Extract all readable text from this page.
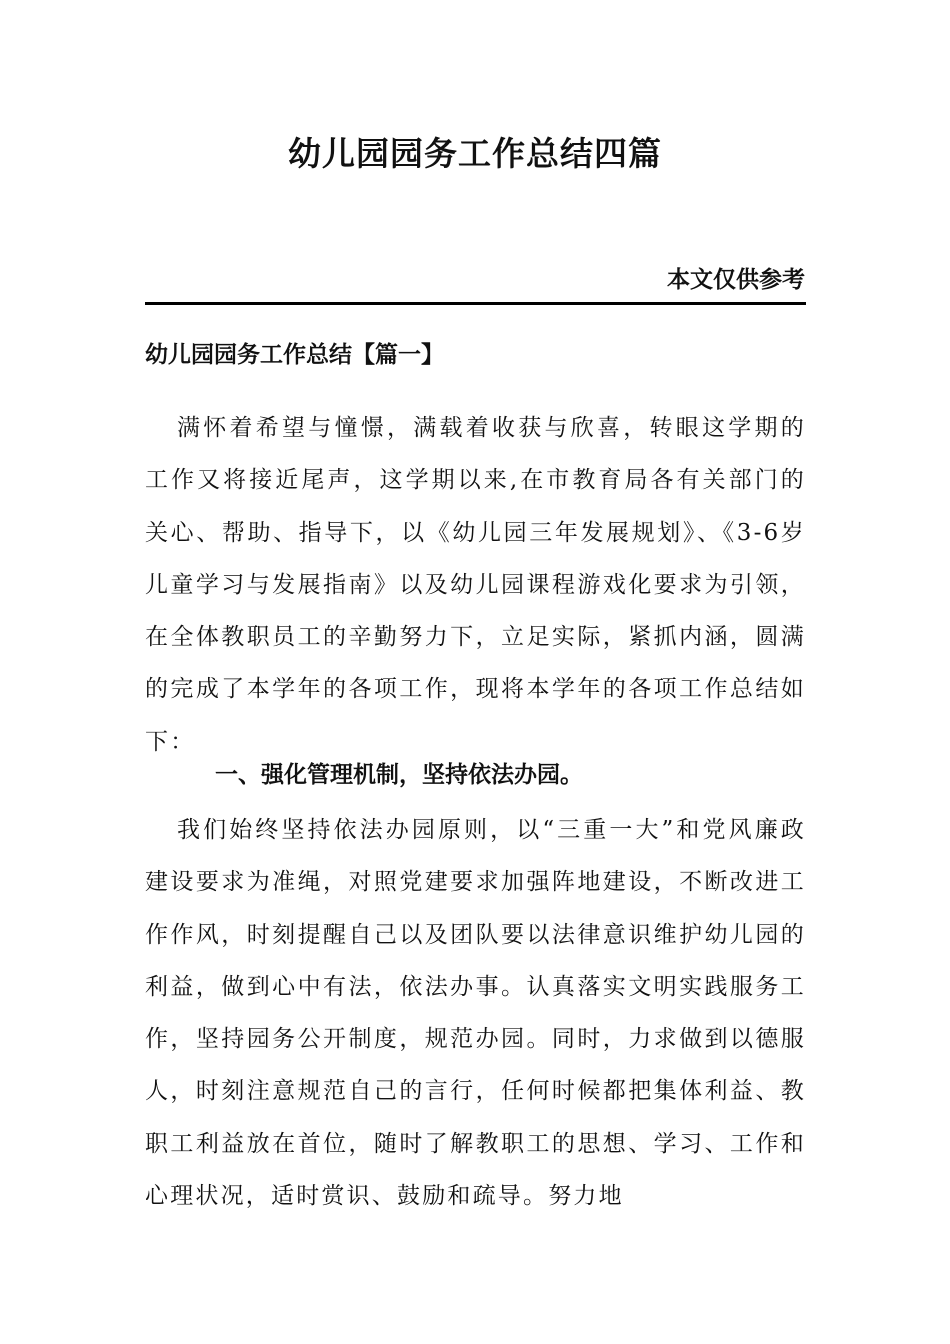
幼儿园园务工作总结四篇
本文仅供参考
幼儿园园务工作总结【篇一】

满怀着希望与憧憬，满载着收获与欣喜，转眼这学期的工作又将接近尾声，这学期以来,在市教育局各有关部门的关心、帮助、指导下，以《幼儿园三年发展规划》、《3-6岁儿童学习与发展指南》以及幼儿园课程游戏化要求为引领，在全体教职员工的辛勤努力下，立足实际，紧抓内涵，圆满的完成了本学年的各项工作，现将本学年的各项工作总结如下：

一、强化管理机制，坚持依法办园。

我们始终坚持依法办园原则，以“三重一大”和党风廉政建设要求为准绳，对照党建要求加强阵地建设，不断改进工作作风，时刻提醒自己以及团队要以法律意识维护幼儿园的利益，做到心中有法，依法办事。认真落实文明实践服务工作，坚持园务公开制度，规范办园。同时，力求做到以德服人，时刻注意规范自己的言行，任何时候都把集体利益、教职工利益放在首位，随时了解教职工的思想、学习、工作和心理状况，适时赏识、鼓励和疏导。努力地
